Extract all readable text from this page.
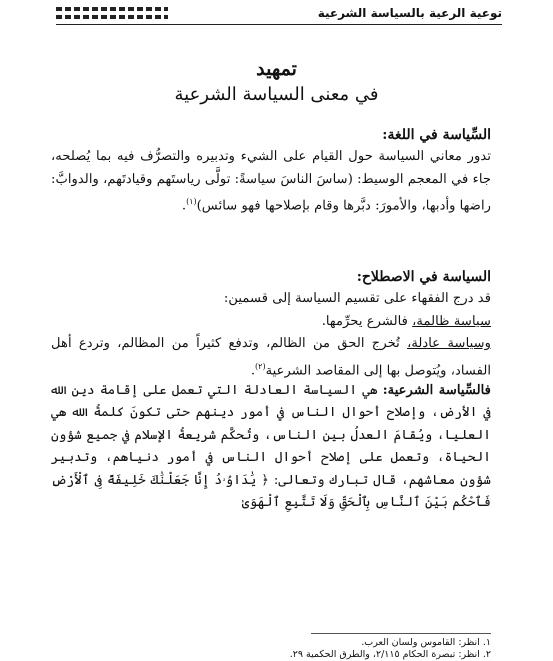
توعية الرعية بالسياسة الشرعية
تمهيد
في معنى السياسة الشرعية
السِّياسة في اللغة:
تدور معاني السياسة حول القيام على الشيء وتدبيره والتصرُّف فيه بما يُصلحه، جاء في المعجم الوسيط: (ساسَ الناسَ سياسةً: تولَّى رياستَهم وقيادتَهم، والدوابَّ: راضها وأدبها، والأمورَ: دبَّرها وقام بإصلاحها فهو سائس)$^{(١)}$.
السياسة في الاصطلاح:
قد درج الفقهاء على تقسيم السياسة إلى قسمين:
سياسة ظالمة، فالشرع يحرِّمها.
وسياسة عادلة، تُخرج الحق من الظالم، وتدفع كثيراً من المظالم، وتردع أهل الفساد، ويُتوصل بها إلى المقاصد الشرعية$^{(٢)}$.
فالسِّياسة الشرعية: هي السياسة العادلة التي تعمل على إقامة دين الله في الأرض، وإصلاح أحوال الناس في أمور دينهم حتى تكونَ كلمةُ الله هي العليا، ويُقامَ العدلُ بين الناس، وتُحكَّم شريعةُ الإسلام في جميع شؤون الحياة، وتعمل على إصلاح أحوال الناس في أمور دنياهم، وتدبير شؤون معاشهم، قال تبارك وتعالى: ﴿ يَٰدَاوُۥدُ إِنَّا جَعَلْنَٰكَ خَلِيفَةً فِى ٱلْأَرْضِ فَٱحْكُم بَيْنَ ٱلنَّاسِ بِٱلْحَقِّ وَلَا تَتَّبِعِ ٱلْهَوَىٰ
١. انظر: القاموس ولسان العرب.
٢. انظر: تبصرة الحكام ٢/١١٥، والطرق الحكمية ٢٩.
